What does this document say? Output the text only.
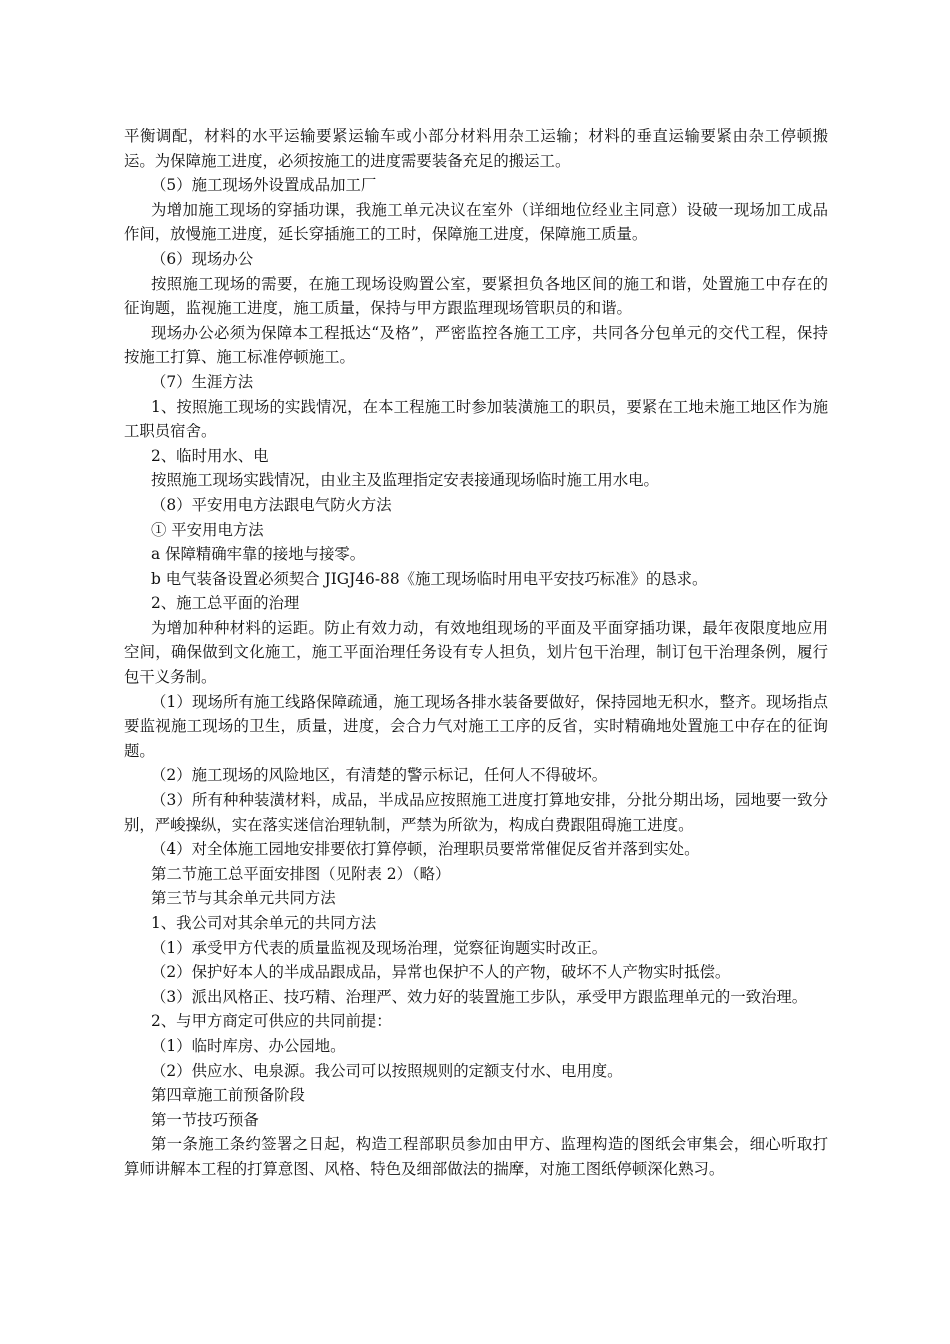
平衡调配，材料的水平运输要紧运输车或小部分材料用杂工运输；材料的垂直运输要紧由杂工停顿搬运。为保障施工进度，必须按施工的进度需要装备充足的搬运工。

（5）施工现场外设置成品加工厂

为增加施工现场的穿插功课，我施工单元决议在室外（详细地位经业主同意）设破一现场加工成品作间，放慢施工进度，延长穿插施工的工时，保障施工进度，保障施工质量。

（6）现场办公

按照施工现场的需要，在施工现场设购置公室，要紧担负各地区间的施工和谐，处置施工中存在的征询题，监视施工进度，施工质量，保持与甲方跟监理现场管职员的和谐。

现场办公必须为保障本工程抵达“及格”，严密监控各施工工序，共同各分包单元的交代工程，保持按施工打算、施工标准停顿施工。

（7）生涯方法

1、按照施工现场的实践情况，在本工程施工时参加装潢施工的职员，要紧在工地未施工地区作为施工职员宿舍。

2、临时用水、电

按照施工现场实践情况，由业主及监理指定安表接通现场临时施工用水电。

（8）平安用电方法跟电气防火方法

① 平安用电方法

a 保障精确牢靠的接地与接零。

b 电气装备设置必须契合 JIGJ46-88《施工现场临时用电平安技巧标准》的恳求。

2、施工总平面的治理

为增加种种材料的运距。防止有效力动，有效地组现场的平面及平面穿插功课，最年夜限度地应用空间，确保做到文化施工，施工平面治理任务设有专人担负，划片包干治理，制订包干治理条例，履行包干义务制。

（1）现场所有施工线路保障疏通，施工现场各排水装备要做好，保持园地无积水，整齐。现场指点要监视施工现场的卫生，质量，进度，会合力气对施工工序的反省，实时精确地处置施工中存在的征询题。

（2）施工现场的风险地区，有清楚的警示标记，任何人不得破坏。

（3）所有种种装潢材料，成品，半成品应按照施工进度打算地安排，分批分期出场，园地要一致分别，严峻操纵，实在落实迷信治理轨制，严禁为所欲为，构成白费跟阻碍施工进度。

（4）对全体施工园地安排要依打算停顿，治理职员要常常催促反省并落到实处。

第二节施工总平面安排图（见附表 2）（略）

第三节与其余单元共同方法

1、我公司对其余单元的共同方法

（1）承受甲方代表的质量监视及现场治理，觉察征询题实时改正。

（2）保护好本人的半成品跟成品，异常也保护不人的产物，破坏不人产物实时抵偿。

（3）派出风格正、技巧精、治理严、效力好的装置施工步队，承受甲方跟监理单元的一致治理。

2、与甲方商定可供应的共同前提：

（1）临时库房、办公园地。

（2）供应水、电泉源。我公司可以按照规则的定额支付水、电用度。

第四章施工前预备阶段

第一节技巧预备

第一条施工条约签署之日起，构造工程部职员参加由甲方、监理构造的图纸会审集会，细心听取打算师讲解本工程的打算意图、风格、特色及细部做法的揣摩，对施工图纸停顿深化熟习。
